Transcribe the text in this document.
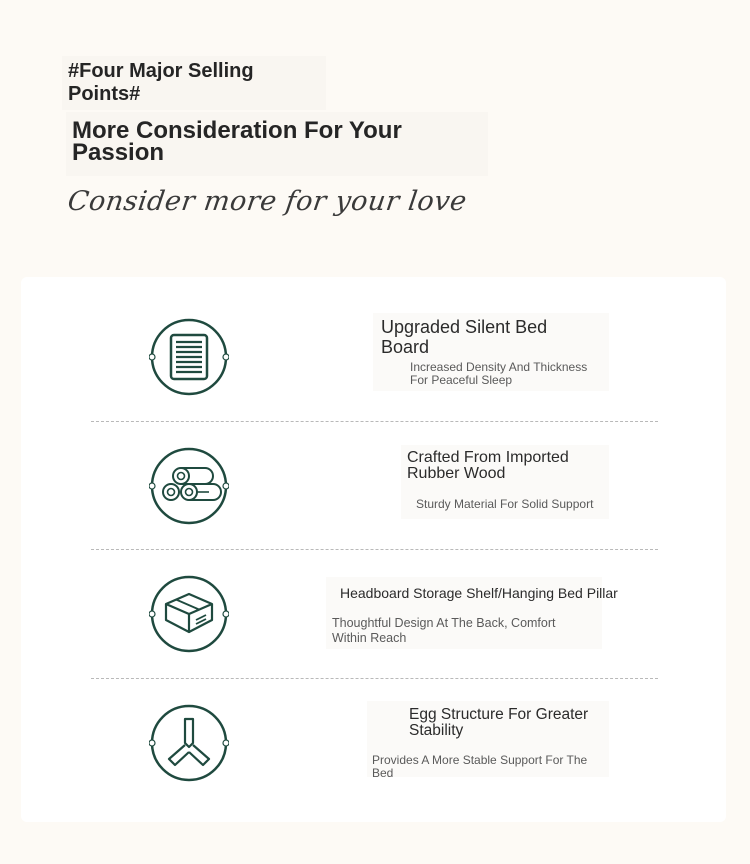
#Four Major Selling Points#
More Consideration For Your
Passion
Consider more for your love
Upgraded Silent Bed
Board
Increased Density And Thickness
For Peaceful Sleep
Crafted From Imported
Rubber Wood
Sturdy Material For Solid Support
Headboard Storage Shelf/Hanging Bed Pillar
Thoughtful Design At The Back, Comfort
Within Reach
Egg Structure For Greater
Stability
Provides A More Stable Support For The Bed
